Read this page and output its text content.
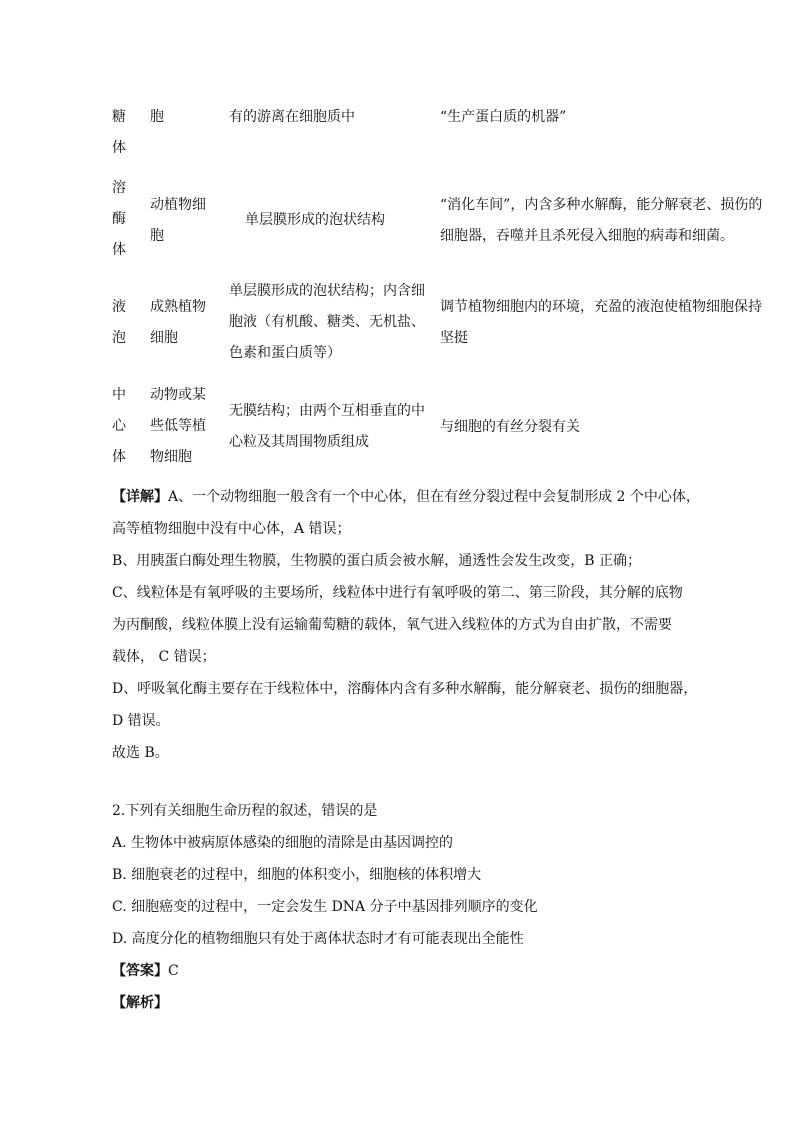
糖
体
胞	有的游离在细胞质中	“生产蛋白质的机器”
溶
酶
体
动植物细
胞
单层膜形成的泡状结构
“消化车间”，内含多种水解酶，能分解衰老、损伤的
细胞器，吞噬并且杀死侵入细胞的病毒和细菌。
液
泡
成熟植物
细胞
单层膜形成的泡状结构；内含细
胞液（有机酸、糖类、无机盐、
色素和蛋白质等）
调节植物细胞内的环境，充盈的液泡使植物细胞保持
坚挺
中
心
体
动物或某
些低等植
物细胞
无膜结构；由两个互相垂直的中
心粒及其周围物质组成
与细胞的有丝分裂有关
【详解】A、一个动物细胞一般含有一个中心体，但在有丝分裂过程中会复制形成 2 个中心体，
高等植物细胞中没有中心体，A 错误；
B、用胰蛋白酶处理生物膜，生物膜的蛋白质会被水解，通透性会发生改变，B 正确；
C、线粒体是有氧呼吸的主要场所，线粒体中进行有氧呼吸的第二、第三阶段，其分解的底物
为丙酮酸，线粒体膜上没有运输葡萄糖的载体，氧气进入线粒体的方式为自由扩散，不需要
载体， C 错误；
D、呼吸氧化酶主要存在于线粒体中，溶酶体内含有多种水解酶，能分解衰老、损伤的细胞器，
D 错误。
故选 B。
2.下列有关细胞生命历程的叙述，错误的是
A. 生物体中被病原体感染的细胞的清除是由基因调控的
B. 细胞衰老的过程中，细胞的体积变小，细胞核的体积增大
C. 细胞癌变的过程中，一定会发生 DNA 分子中基因排列顺序的变化
D. 高度分化的植物细胞只有处于离体状态时才有可能表现出全能性
【答案】C
【解析】
